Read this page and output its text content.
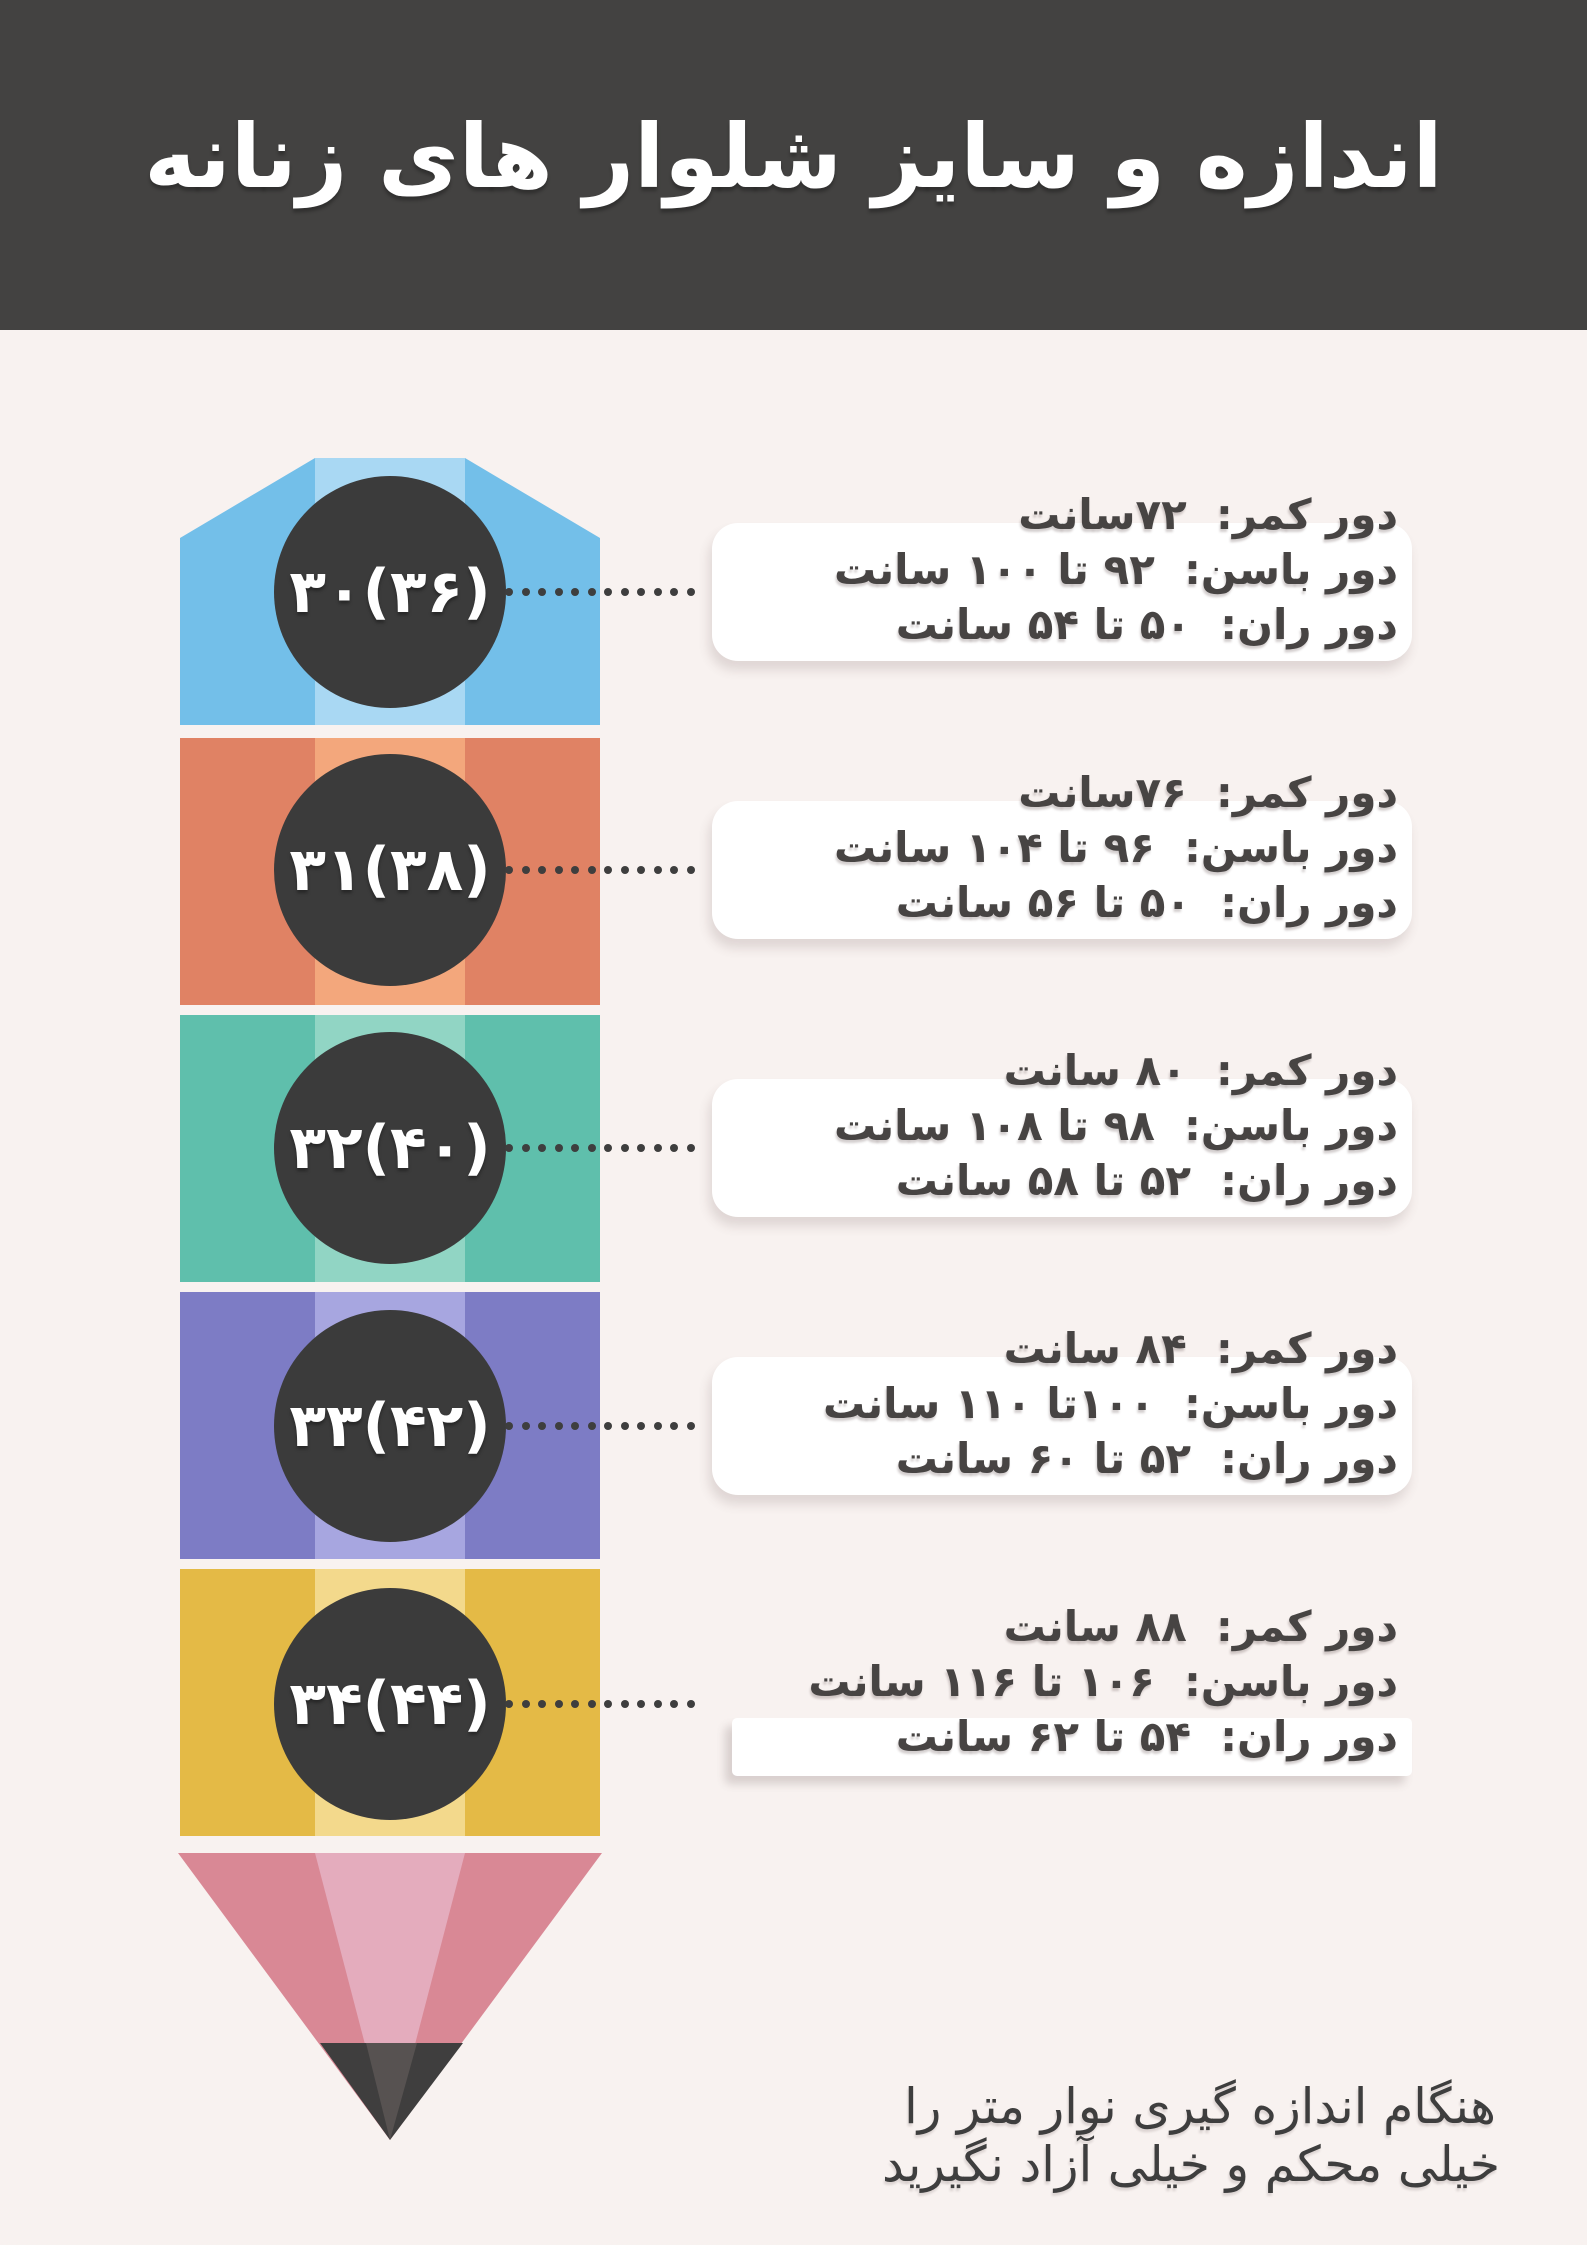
اندازه و سایز شلوار های زنانه
۳۰(۳۶)
دور کمر:  ۷۲سانت
دور باسن:  ۹۲ تا ۱۰۰ سانت
دور ران:  ۵۰ تا ۵۴ سانت
۳۱(۳۸)
دور کمر:  ۷۶سانت
دور باسن:  ۹۶ تا ۱۰۴ سانت
دور ران:  ۵۰ تا ۵۶ سانت
۳۲(۴۰)
دور کمر:  ۸۰ سانت
دور باسن:  ۹۸ تا ۱۰۸ سانت
دور ران:  ۵۲ تا ۵۸ سانت
۳۳(۴۲)
دور کمر:  ۸۴ سانت
دور باسن:  ۱۰۰تا ۱۱۰ سانت
دور ران:  ۵۲ تا ۶۰ سانت
۳۴(۴۴)
دور کمر:  ۸۸ سانت
دور باسن:  ۱۰۶ تا ۱۱۶ سانت
دور ران:  ۵۴ تا ۶۲ سانت
هنگام اندازه گیری نوار متر را
خیلی محکم و خیلی آزاد نگیرید
